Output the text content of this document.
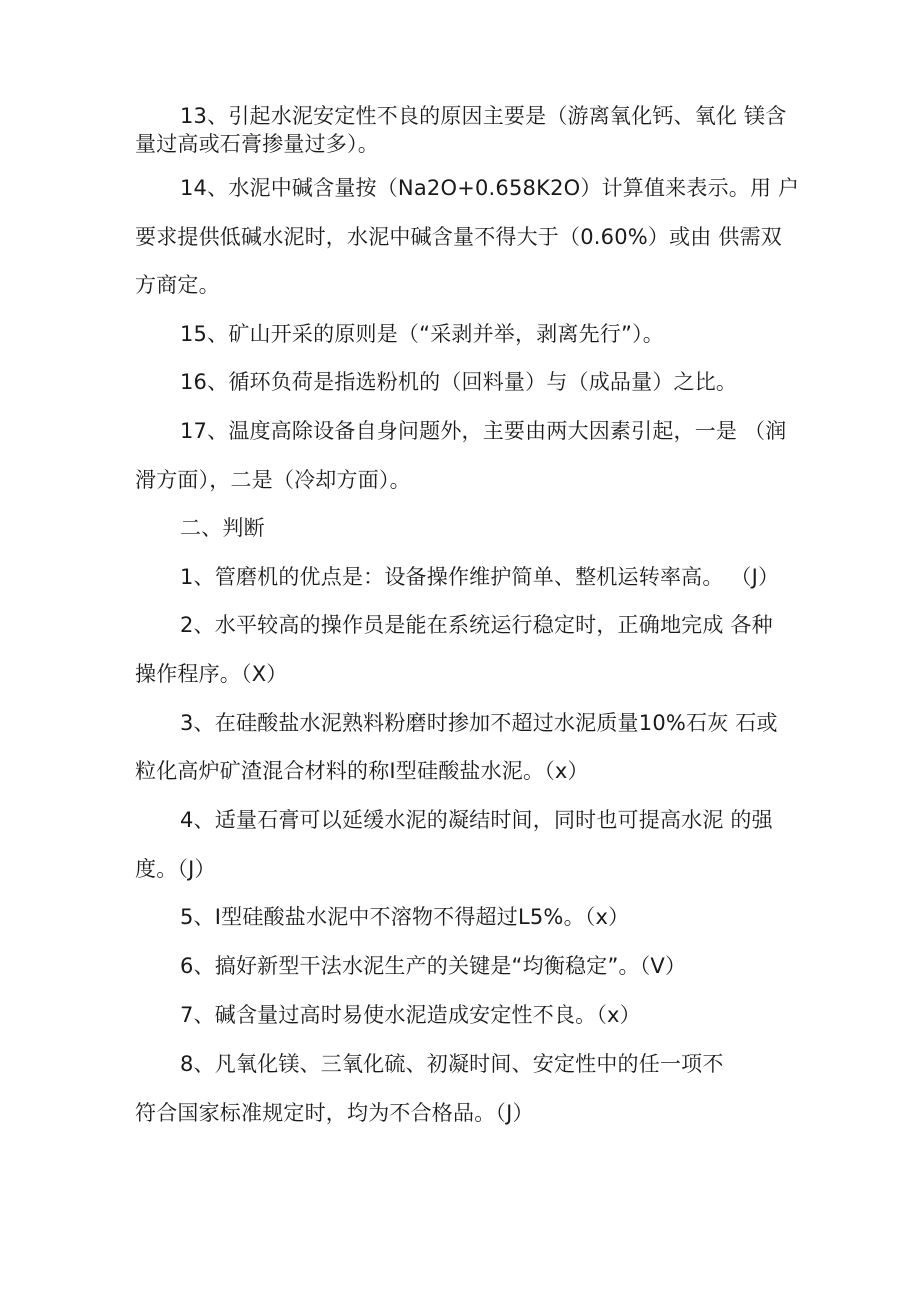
13、引起水泥安定性不良的原因主要是（游离氧化钙、氧化 镁含
量过高或石膏掺量过多）。
14、水泥中碱含量按（Na2O+0.658K2O）计算值来表示。用 户
要求提供低碱水泥时，水泥中碱含量不得大于（0.60%）或由 供需双
方商定。
15、矿山开采的原则是（“采剥并举，剥离先行”）。
16、循环负荷是指选粉机的（回料量）与（成品量）之比。
17、温度高除设备自身问题外，主要由两大因素引起，一是 （润
滑方面），二是（冷却方面）。
二、判断
1、管磨机的优点是：设备操作维护简单、整机运转率高。 （J）
2、水平较高的操作员是能在系统运行稳定时，正确地完成 各种
操作程序。（X）
3、在硅酸盐水泥熟料粉磨时掺加不超过水泥质量10%石灰 石或
粒化高炉矿渣混合材料的称I型硅酸盐水泥。（x）
4、适量石膏可以延缓水泥的凝结时间，同时也可提高水泥 的强
度。（J）
5、I型硅酸盐水泥中不溶物不得超过L5%。（x）
6、搞好新型干法水泥生产的关键是“均衡稳定”。（V）
7、碱含量过高时易使水泥造成安定性不良。（x）
8、凡氧化镁、三氧化硫、初凝时间、安定性中的任一项不
符合国家标准规定时，均为不合格品。（J）
